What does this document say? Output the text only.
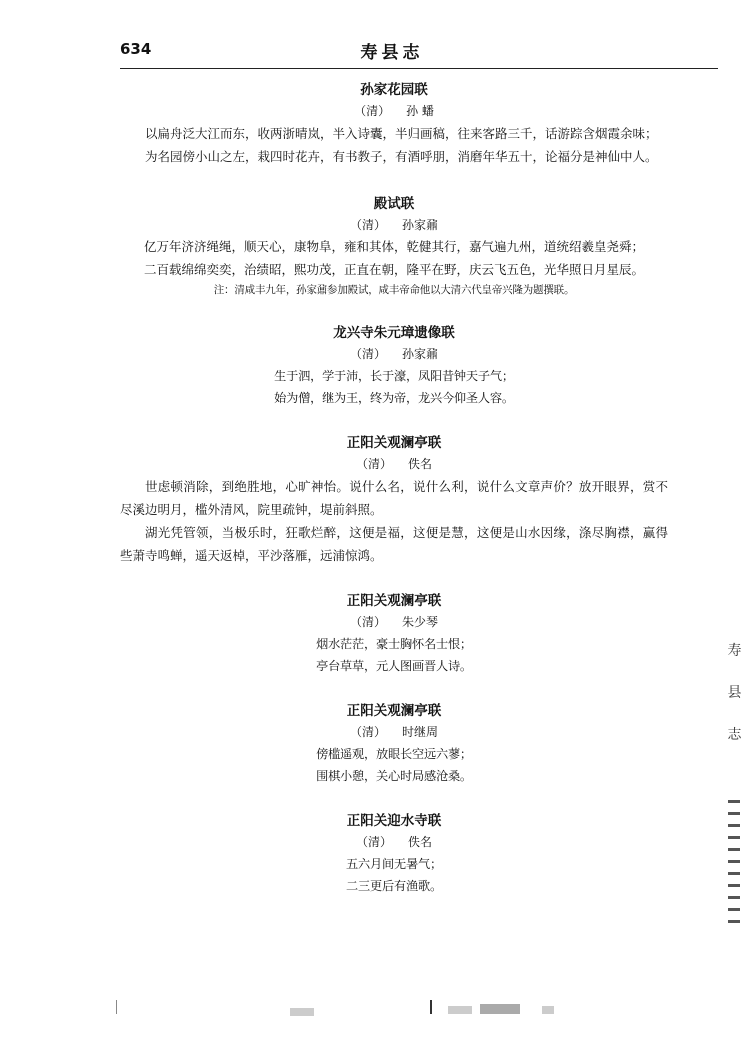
634	寿县志
孙家花园联
（清） 孙 蟠
以扁舟泛大江而东，收两浙晴岚，半入诗囊，半归画稿，往来客路三千，话游踪含烟霞余味；
为名园傍小山之左，栽四时花卉，有书教子，有酒呼朋，消磨年华五十，论福分是神仙中人。
殿试联
（清） 孙家鼐
亿万年济济绳绳，顺天心，康物阜，雍和其体，乾健其行，嘉气遍九州，道统绍羲皇尧舜；
二百载绵绵奕奕，治绩昭，熙功茂，正直在朝，隆平在野，庆云飞五色，光华照日月星辰。
注：清咸丰九年，孙家鼐参加殿试，咸丰帝命他以大清六代皇帝兴隆为题撰联。
龙兴寺朱元璋遗像联
（清） 孙家鼐
生于泗，学于沛，长于濠，凤阳昔钟天子气；
始为僧，继为王，终为帝，龙兴今仰圣人容。
正阳关观澜亭联
（清） 佚名
世虑顿消除，到绝胜地，心旷神怡。说什么名，说什么利，说什么文章声价？放开眼界，赏不尽溪边明月，槛外清风，院里疏钟，堤前斜照。
湖光凭管领，当极乐时，狂歌烂醉，这便是福，这便是慧，这便是山水因缘，涤尽胸襟，赢得些萧寺鸣蝉，遥天返棹，平沙落雁，远浦惊鸿。
正阳关观澜亭联
（清） 朱少琴
烟水茫茫，豪士胸怀名士恨；
亭台草草，元人图画晋人诗。
正阳关观澜亭联
（清） 时继周
傍槛遥观，放眼长空远六蓼；
围棋小憩，关心时局感沧桑。
正阳关迎水寺联
（清） 佚名
五六月间无暑气；
二三更后有渔歌。
寿
县
志
